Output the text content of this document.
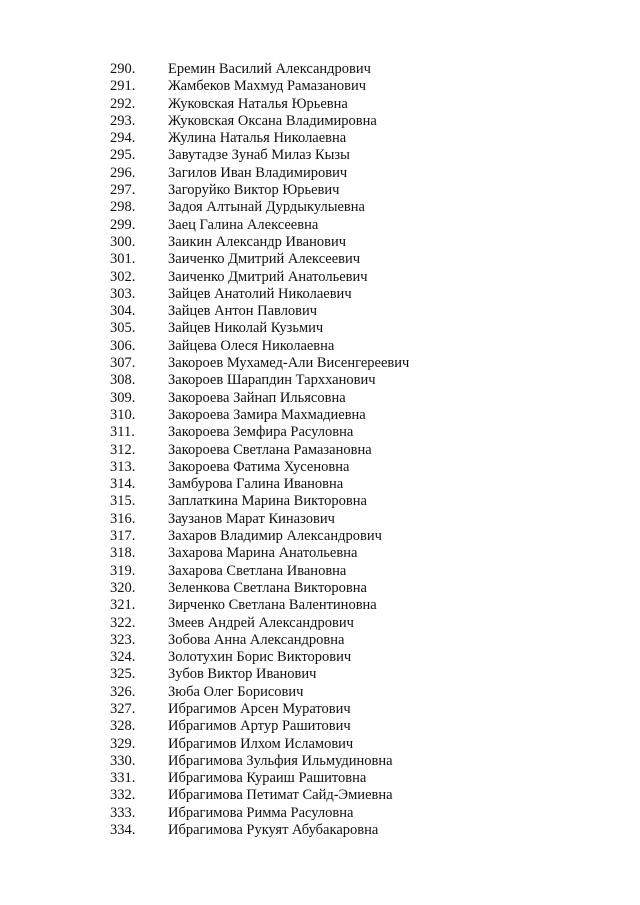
290.	Еремин Василий Александрович
291.	Жамбеков Махмуд Рамазанович
292.	Жуковская Наталья Юрьевна
293.	Жуковская Оксана Владимировна
294.	Жулина Наталья Николаевна
295.	Завутадзе Зунаб Милаз Кызы
296.	Загилов Иван Владимирович
297.	Загоруйко Виктор Юрьевич
298.	Задоя Алтынай Дурдыкулыевна
299.	Заец Галина Алексеевна
300.	Заикин Александр Иванович
301.	Заиченко Дмитрий Алексеевич
302.	Заиченко Дмитрий Анатольевич
303.	Зайцев Анатолий Николаевич
304.	Зайцев Антон Павлович
305.	Зайцев Николай Кузьмич
306.	Зайцева Олеся Николаевна
307.	Закороев Мухамед-Али Висенгереевич
308.	Закороев Шарапдин Тархханович
309.	Закороева Зайнап Ильясовна
310.	Закороева Замира Махмадиевна
311.	Закороева Земфира Расуловна
312.	Закороева Светлана Рамазановна
313.	Закороева Фатима Хусеновна
314.	Замбурова Галина Ивановна
315.	Заплаткина Марина Викторовна
316.	Заузанов Марат Киназович
317.	Захаров Владимир Александрович
318.	Захарова Марина Анатольевна
319.	Захарова Светлана Ивановна
320.	Зеленкова Светлана Викторовна
321.	Зирченко Светлана Валентиновна
322.	Змеев Андрей Александрович
323.	Зобова Анна Александровна
324.	Золотухин Борис Викторович
325.	Зубов Виктор Иванович
326.	Зюба Олег Борисович
327.	Ибрагимов Арсен Муратович
328.	Ибрагимов Артур Рашитович
329.	Ибрагимов Илхом Исламович
330.	Ибрагимова Зульфия Ильмудиновна
331.	Ибрагимова Кураиш Рашитовна
332.	Ибрагимова Петимат Сайд-Эмиевна
333.	Ибрагимова Римма Расуловна
334.	Ибрагимова Рукуят Абубакаровна
